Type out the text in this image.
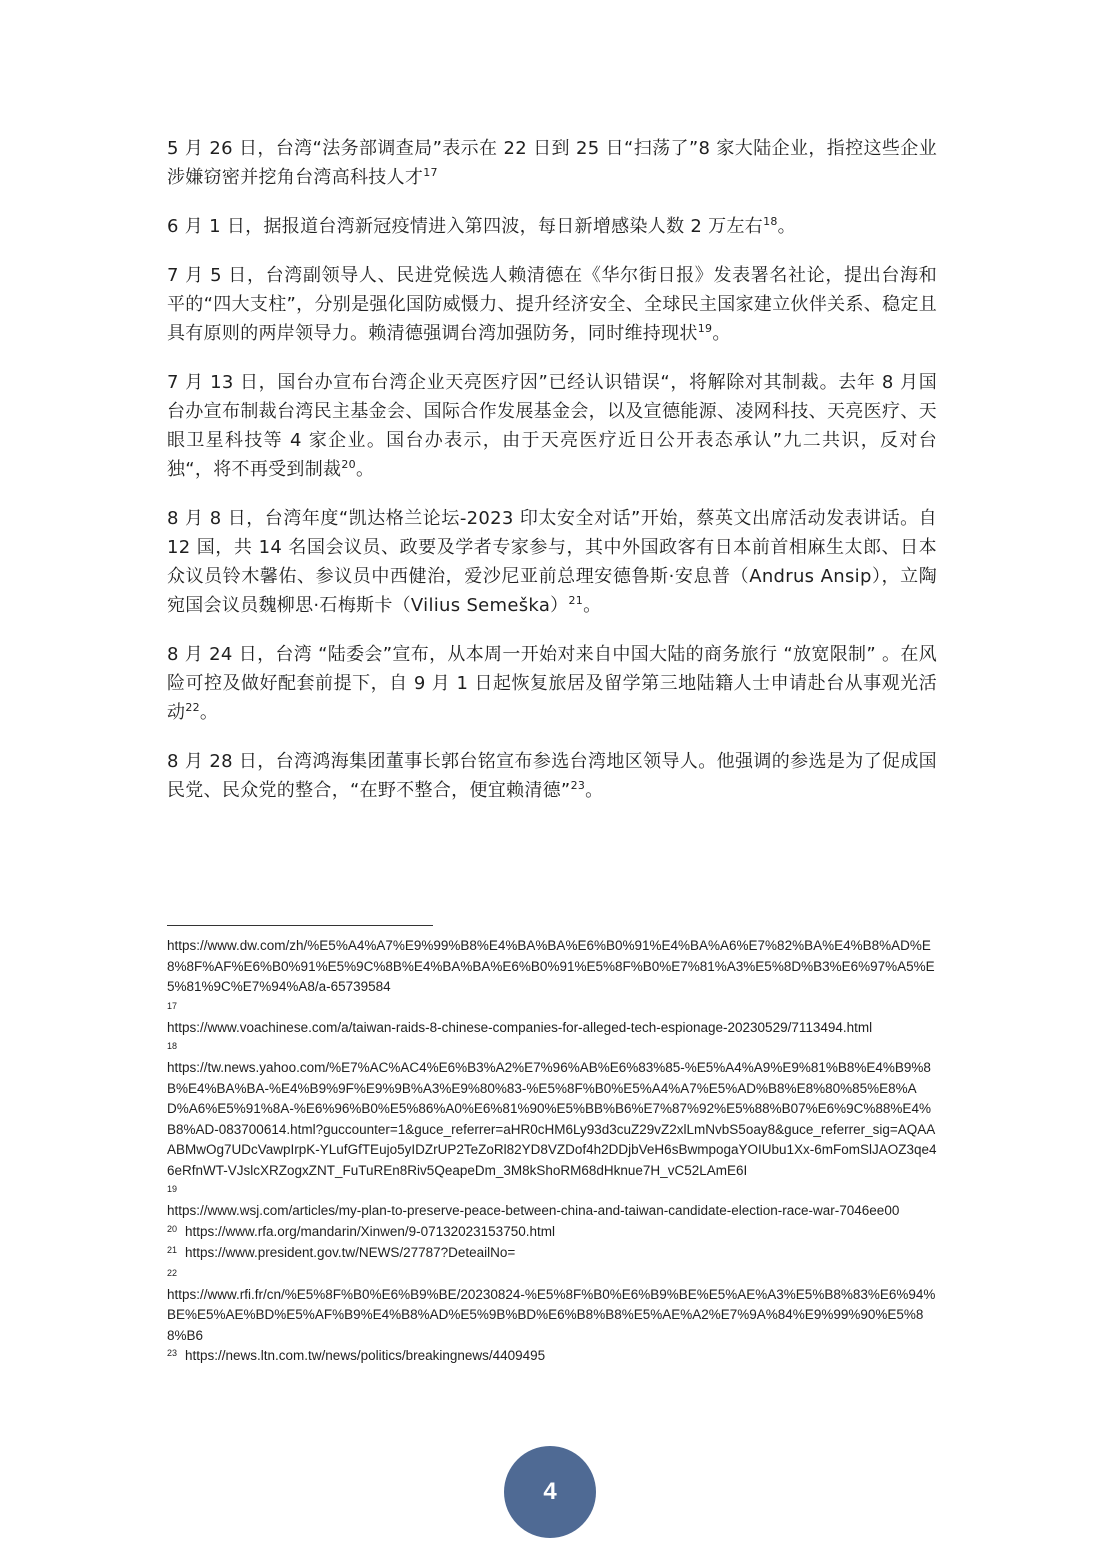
5 月 26 日，台湾“法务部调查局”表示在 22 日到 25 日“扫荡了”8 家大陆企业，指控这些企业涉嫌窃密并挖角台湾高科技人才$^{17}$

6 月 1 日，据报道台湾新冠疫情进入第四波，每日新增感染人数 2 万左右$^{18}$。

7 月 5 日，台湾副领导人、民进党候选人赖清德在《华尔街日报》发表署名社论，提出台海和平的“四大支柱”，分别是强化国防威慑力、提升经济安全、全球民主国家建立伙伴关系、稳定且具有原则的两岸领导力。赖清德强调台湾加强防务，同时维持现状$^{19}$。

7 月 13 日，国台办宣布台湾企业天亮医疗因”已经认识错误“，将解除对其制裁。去年 8 月国台办宣布制裁台湾民主基金会、国际合作发展基金会，以及宣德能源、凌网科技、天亮医疗、天眼卫星科技等 4 家企业。国台办表示，由于天亮医疗近日公开表态承认”九二共识，反对台独“，将不再受到制裁$^{20}$。

8 月 8 日，台湾年度“凯达格兰论坛-2023 印太安全对话”开始，蔡英文出席活动发表讲话。自 12 国，共 14 名国会议员、政要及学者专家参与，其中外国政客有日本前首相麻生太郎、日本众议员铃木馨佑、参议员中西健治，爱沙尼亚前总理安德鲁斯·安息普（Andrus Ansip），立陶宛国会议员魏柳思·石梅斯卡（Vilius Semeška）$^{21}$。

8 月 24 日，台湾 “陆委会”宣布，从本周一开始对来自中国大陆的商务旅行 “放宽限制” 。在风险可控及做好配套前提下，自 9 月 1 日起恢复旅居及留学第三地陆籍人士申请赴台从事观光活动$^{22}$。

8 月 28 日，台湾鸿海集团董事长郭台铭宣布参选台湾地区领导人。他强调的参选是为了促成国民党、民众党的整合，“在野不整合，便宜赖清德”$^{23}$。

https://www.dw.com/zh/%E5%A4%A7%E9%99%B8%E4%BA%BA%E6%B0%91%E4%BA%A6%E7%82%BA%E4%B8%AD%E8%8F%AF%E6%B0%91%E5%9C%8B%E4%BA%BA%E6%B0%91%E5%8F%B0%E7%81%A3%E5%8D%B3%E6%97%A5%E5%81%9C%E7%94%A8/a-65739584

17

https://www.voachinese.com/a/taiwan-raids-8-chinese-companies-for-alleged-tech-espionage-20230529/7113494.html

18

https://tw.news.yahoo.com/%E7%AC%AC4%E6%B3%A2%E7%96%AB%E6%83%85-%E5%A4%A9%E9%81%B8%E4%B9%8B%E4%BA%BA-%E4%B9%9F%E9%9B%A3%E9%80%83-%E5%8F%B0%E5%A4%A7%E5%AD%B8%E8%80%85%E8%AD%A6%E5%91%8A-%E6%96%B0%E5%86%A0%E6%81%90%E5%BB%B6%E7%87%92%E5%88%B07%E6%9C%88%E4%B8%AD-083700614.html?guccounter=1&guce_referrer=aHR0cHM6Ly93d3cuZ29vZ2xlLmNvbS5oay8&guce_referrer_sig=AQAAABMwOg7UDcVawpIrpK-YLufGfTEujo5yIDZrUP2TeZoRl82YD8VZDof4h2DDjbVeH6sBwmpogaYOIUbu1Xx-6mFomSlJAOZ3qe46eRfnWT-VJslcXRZogxZNT_FuTuREn8Riv5QeapeDm_3M8kShoRM68dHknue7H_vC52LAmE6I

19

https://www.wsj.com/articles/my-plan-to-preserve-peace-between-china-and-taiwan-candidate-election-race-war-7046ee00

20 https://www.rfa.org/mandarin/Xinwen/9-07132023153750.html
21 https://www.president.gov.tw/NEWS/27787?DeteailNo=
22

https://www.rfi.fr/cn/%E5%8F%B0%E6%B9%BE/20230824-%E5%8F%B0%E6%B9%BE%E5%AE%A3%E5%B8%83%E6%94%BE%E5%AE%BD%E5%AF%B9%E4%B8%AD%E5%9B%BD%E6%B8%B8%E5%AE%A2%E7%9A%84%E9%99%90%E5%88%B6

23 https://news.ltn.com.tw/news/politics/breakingnews/4409495
4
